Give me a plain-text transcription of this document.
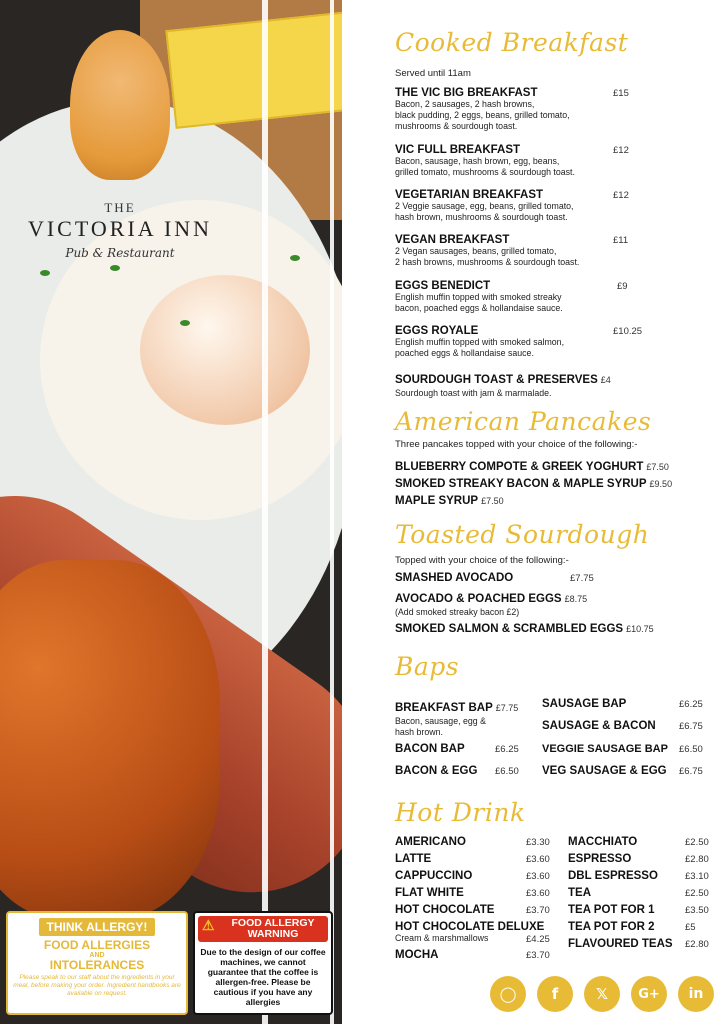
THE
VICTORIA INN
Pub & Restaurant
THINK ALLERGY!
FOOD ALLERGIES
AND
INTOLERANCES
Please speak to our staff about the ingredients in your meal, before making your order. Ingredient handbooks are available on request.
⚠	FOOD ALLERGY
WARNING
Due to the design of our coffee machines, we cannot guarantee that the coffee is allergen-free. Please be cautious if you have any allergies
Cooked Breakfast
Served until 11am
THE VIC BIG BREAKFAST	£15
Bacon, 2 sausages, 2 hash browns,
black pudding, 2 eggs, beans, grilled tomato,
mushrooms & sourdough toast.
VIC FULL BREAKFAST	£12
Bacon, sausage, hash brown, egg, beans,
grilled tomato, mushrooms & sourdough toast.
VEGETARIAN BREAKFAST	£12
2 Veggie sausage, egg, beans, grilled tomato,
hash brown, mushrooms & sourdough toast.
VEGAN BREAKFAST	£11
2 Vegan sausages, beans, grilled tomato,
2 hash browns, mushrooms & sourdough toast.
EGGS BENEDICT	£9
English muffin topped with smoked streaky
bacon, poached eggs & hollandaise sauce.
EGGS ROYALE	£10.25
English muffin topped with smoked salmon,
poached eggs & hollandaise sauce.
SOURDOUGH TOAST & PRESERVES £4
Sourdough toast with jam & marmalade.
American Pancakes
Three pancakes topped with your choice of the following:-
BLUEBERRY COMPOTE & GREEK YOGHURT £7.50
SMOKED STREAKY BACON & MAPLE SYRUP £9.50
MAPLE SYRUP £7.50
Toasted Sourdough
Topped with your choice of the following:-
SMASHED AVOCADO	£7.75
AVOCADO & POACHED EGGS £8.75
(Add smoked streaky bacon £2)
SMOKED SALMON & SCRAMBLED EGGS £10.75
Baps
BREAKFAST BAP £7.75
Bacon, sausage, egg &
hash brown.
BACON BAP	£6.25
BACON & EGG	£6.50
SAUSAGE BAP	£6.25
SAUSAGE & BACON	£6.75
VEGGIE SAUSAGE BAP	£6.50
VEG SAUSAGE & EGG	£6.75
Hot Drink
AMERICANO	£3.30
LATTE	£3.60
CAPPUCCINO	£3.60
FLAT WHITE	£3.60
HOT CHOCOLATE	£3.70
HOT CHOCOLATE DELUXE
Cream & marshmallows	£4.25
MOCHA	£3.70
MACCHIATO	£2.50
ESPRESSO	£2.80
DBL ESPRESSO	£3.10
TEA	£2.50
TEA POT FOR 1	£3.50
TEA POT FOR 2	£5
FLAVOURED TEAS	£2.80
◯	f	𝕏	G+	in
